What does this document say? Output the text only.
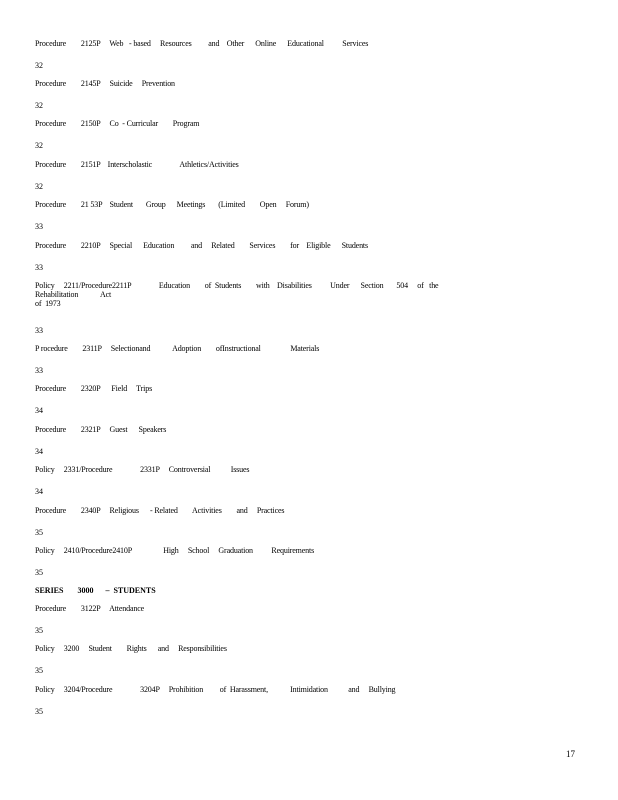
Procedure        2125P     Web   - based     Resources         and    Other      Online      Educational          Services
32
Procedure        2145P     Suicide     Prevention
32
Procedure        2150P     Co  - Curricular        Program
32
Procedure        2151P    Interscholastic               Athletics/Activities
32
Procedure        21 53P    Student       Group      Meetings       (Limited        Open     Forum)
33
Procedure        2210P     Special      Education         and     Related        Services        for    Eligible      Students
33
Policy     2211/Procedure2211P               Education        of  Students        with    Disabilities          Under      Section       504     of   the
Rehabilitation            Act
of  1973
33
P rocedure        2311P     Selectionand            Adoption        ofInstructional                Materials
33
Procedure        2320P      Field     Trips
34
Procedure        2321P     Guest      Speakers
34
Policy     2331/Procedure               2331P     Controversial           Issues
34
Procedure        2340P     Religious      - Related        Activities        and     Practices
35
Policy     2410/Procedure2410P                 High     School     Graduation          Requirements
35
SERIES       3000      –  STUDENTS
Procedure        3122P     Attendance
35
Policy     3200     Student        Rights      and     Responsibilities
35
Policy     3204/Procedure               3204P     Prohibition         of  Harassment,            Intimidation           and     Bullying
35
17
